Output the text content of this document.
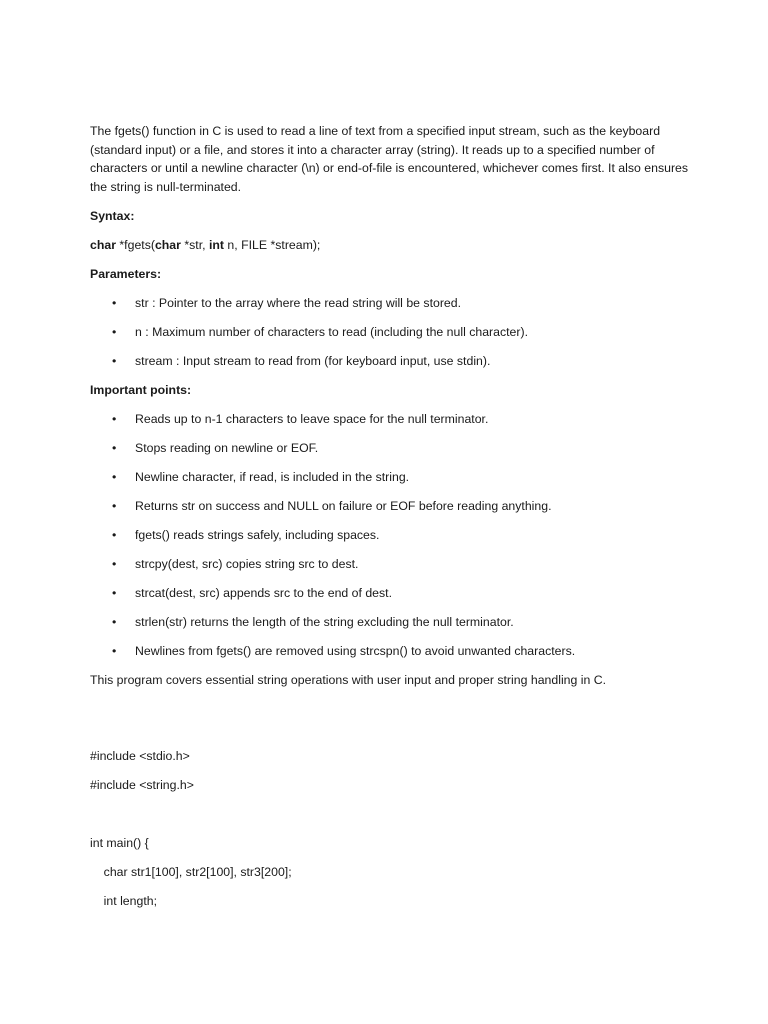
The fgets() function in C is used to read a line of text from a specified input stream, such as the keyboard (standard input) or a file, and stores it into a character array (string). It reads up to a specified number of characters or until a newline character (\n) or end-of-file is encountered, whichever comes first. It also ensures the string is null-terminated.

Syntax:

char *fgets(char *str, int n, FILE *stream);

Parameters:

• str : Pointer to the array where the read string will be stored.
• n : Maximum number of characters to read (including the null character).
• stream : Input stream to read from (for keyboard input, use stdin).

Important points:

• Reads up to n-1 characters to leave space for the null terminator.
• Stops reading on newline or EOF.
• Newline character, if read, is included in the string.
• Returns str on success and NULL on failure or EOF before reading anything.
• fgets() reads strings safely, including spaces.
• strcpy(dest, src) copies string src to dest.
• strcat(dest, src) appends src to the end of dest.
• strlen(str) returns the length of the string excluding the null terminator.
• Newlines from fgets() are removed using strcspn() to avoid unwanted characters.

This program covers essential string operations with user input and proper string handling in C.

#include <stdio.h>

#include <string.h>

int main() {

char str1[100], str2[100], str3[200];

int length;
